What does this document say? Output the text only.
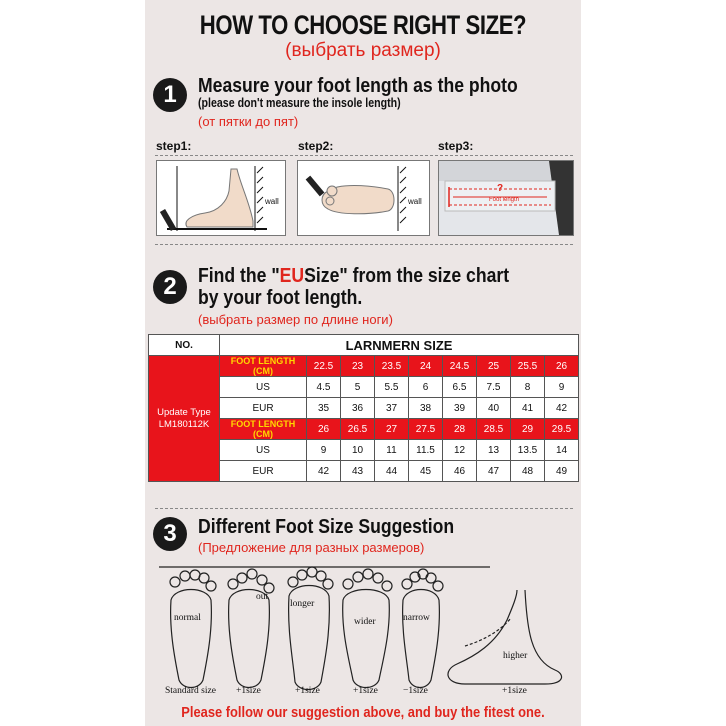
HOW TO CHOOSE RIGHT SIZE?
(выбрать размер)
1	Measure your foot length as the photo
(please don't measure the insole length)
(от пятки до пят)
step1:	step2:	step3:
wall	wall
?
Foot length
2	Find the "EUSize" from the size chart
by your foot length.
(выбрать размер по длине ноги)
NO.	LARNMERN SIZE								
Update Type
LM180112K	FOOT LENGTH
(CM)	22.5	23	23.5	24	24.5	25	25.5	26
	US	4.5	5	5.5	6	6.5	7.5	8	9
	EUR	35	36	37	38	39	40	41	42
	FOOT LENGTH
(CM)	26	26.5	27	27.5	28	28.5	29	29.5
	US	9	10	11	11.5	12	13	13.5	14
	EUR	42	43	44	45	46	47	48	49
3	Different Foot Size Suggestion
(Предложение для разных размеров)
normal
out
longer
wider	narrow
higher
Standard size +1size	+1size	+1size	−1size	+1size
Please follow our suggestion above, and buy the fitest one.
